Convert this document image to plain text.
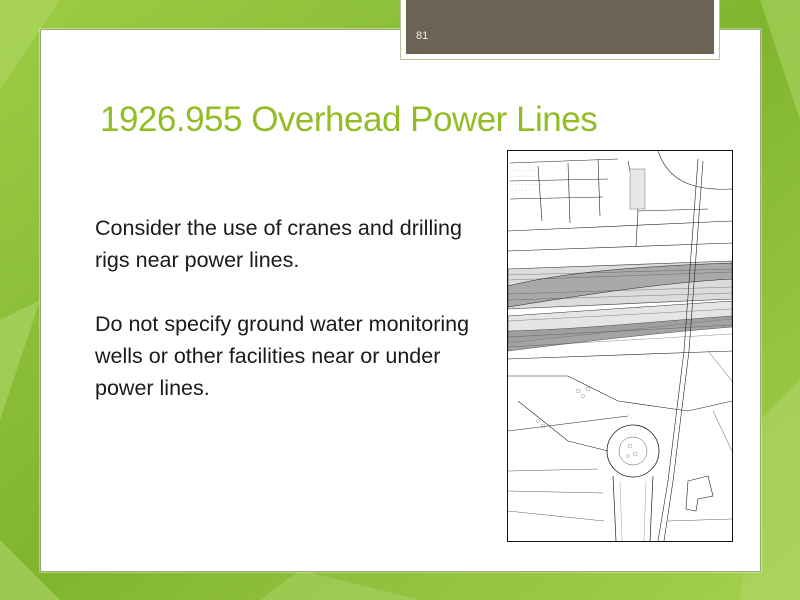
81
1926.955 Overhead Power Lines

Consider the use of cranes and drilling rigs near power lines.

Do not specify ground water monitoring wells or other facilities near or under power lines.

- - - - - - - -
- - - - - - -
- - - - - - - - -
- - - - - -
